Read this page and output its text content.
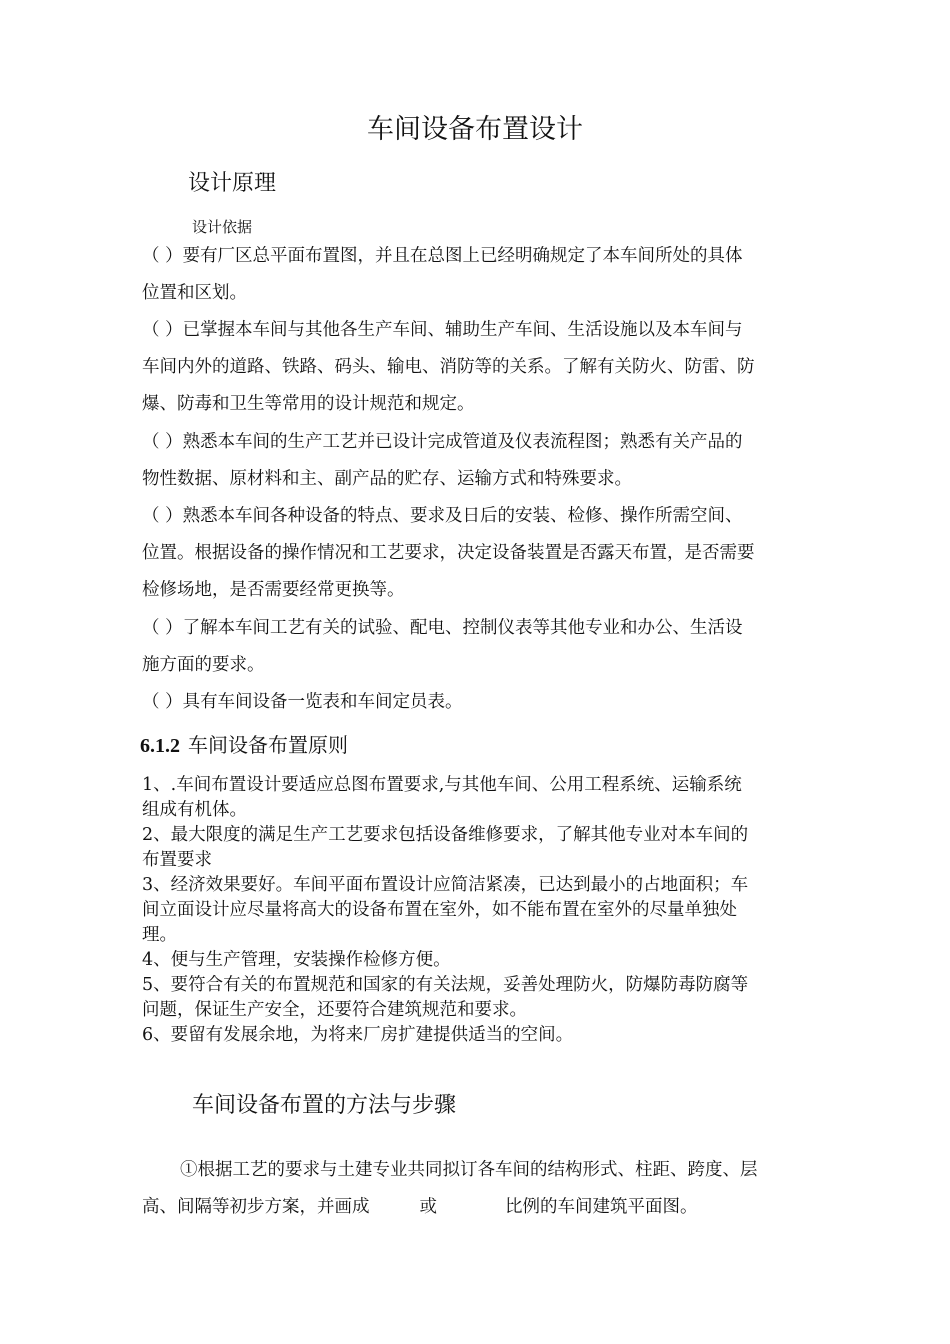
车间设备布置设计
设计原理
设计依据
（ ）要有厂区总平面布置图，并且在总图上已经明确规定了本车间所处的具体
位置和区划。
（ ）已掌握本车间与其他各生产车间、辅助生产车间、生活设施以及本车间与
车间内外的道路、铁路、码头、输电、消防等的关系。了解有关防火、防雷、防
爆、防毒和卫生等常用的设计规范和规定。
（ ）熟悉本车间的生产工艺并已设计完成管道及仪表流程图；熟悉有关产品的
物性数据、原材料和主、副产品的贮存、运输方式和特殊要求。
（ ）熟悉本车间各种设备的特点、要求及日后的安装、检修、操作所需空间、
位置。根据设备的操作情况和工艺要求，决定设备装置是否露天布置，是否需要
检修场地，是否需要经常更换等。
（ ）了解本车间工艺有关的试验、配电、控制仪表等其他专业和办公、生活设
施方面的要求。
（ ）具有车间设备一览表和车间定员表。
6.1.2 车间设备布置原则
1、.车间布置设计要适应总图布置要求,与其他车间、公用工程系统、运输系统
组成有机体。
2、最大限度的满足生产工艺要求包括设备维修要求，了解其他专业对本车间的
布置要求
3、经济效果要好。车间平面布置设计应简洁紧凑，已达到最小的占地面积；车
间立面设计应尽量将高大的设备布置在室外，如不能布置在室外的尽量单独处
理。
4、便与生产管理，安装操作检修方便。
5、要符合有关的布置规范和国家的有关法规，妥善处理防火，防爆防毒防腐等
问题，保证生产安全，还要符合建筑规范和要求。
6、要留有发展余地，为将来厂房扩建提供适当的空间。
车间设备布置的方法与步骤
①根据工艺的要求与土建专业共同拟订各车间的结构形式、柱距、跨度、层
高、间隔等初步方案，并画成	或	比例的车间建筑平面图。
